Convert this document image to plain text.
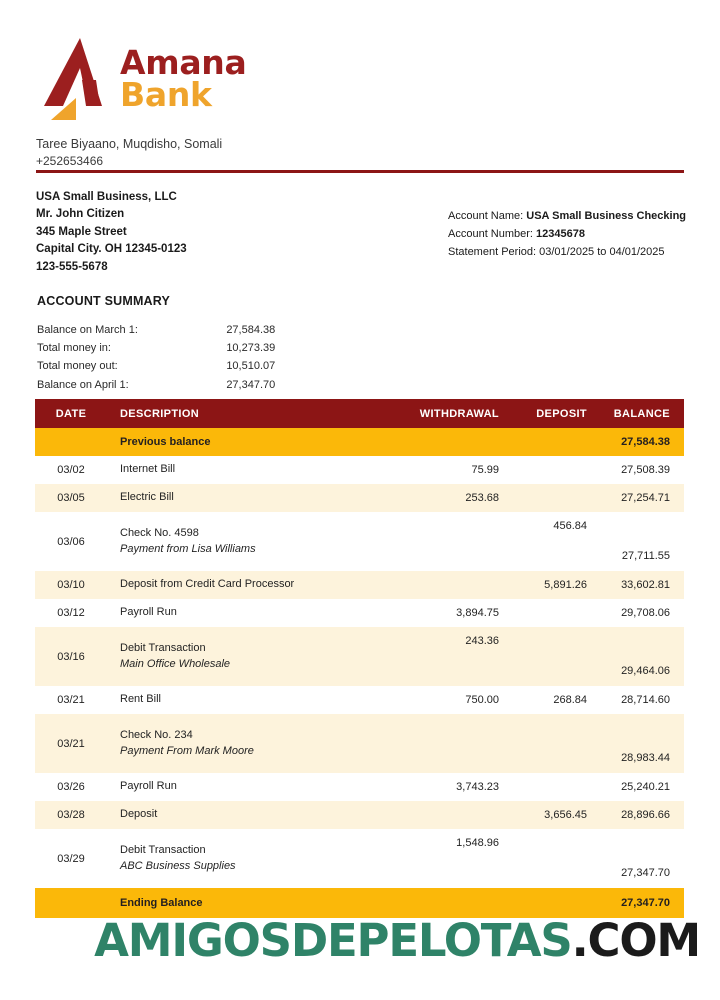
Amana
Bank
Taree Biyaano, Muqdisho, Somali
+252653466
USA Small Business, LLC
Mr. John Citizen
345 Maple Street
Capital City. OH 12345-0123
123-555-5678
Account Name: USA Small Business Checking
Account Number: 12345678
Statement Period: 03/01/2025 to 04/01/2025
ACCOUNT SUMMARY
Balance on March 1:	27,584.38
Total money in:	10,273.39
Total money out:	10,510.07
Balance on April 1:	27,347.70
DATE	DESCRIPTION	WITHDRAWAL	DEPOSIT	BALANCE
	Previous balance			27,584.38
03/02	Internet Bill	75.99		27,508.39
03/05	Electric Bill	253.68		27,254.71
03/06	Check No. 4598
Payment from Lisa Williams		456.84	27,711.55
03/10	Deposit from Credit Card Processor		5,891.26	33,602.81
03/12	Payroll Run	3,894.75		29,708.06
03/16	Debit Transaction
Main Office Wholesale	243.36		29,464.06
03/21	Rent Bill	750.00	268.84	28,714.60
03/21	Check No. 234
Payment From Mark Moore			28,983.44
03/26	Payroll Run	3,743.23		25,240.21
03/28	Deposit		3,656.45	28,896.66
03/29	Debit Transaction
ABC Business Supplies	1,548.96		27,347.70
	Ending Balance			27,347.70
AMIGOSDEPELOTAS.COM
